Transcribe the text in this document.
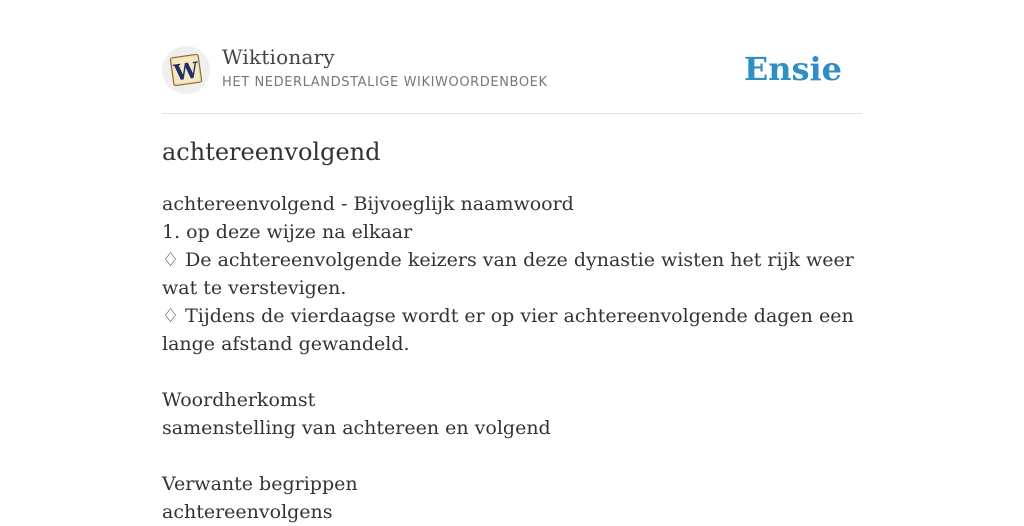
W
Wiktionary
HET NEDERLANDSTALIGE WIKIWOORDENBOEK	Ensie
achtereenvolgend
achtereenvolgend - Bijvoeglijk naamwoord
1. op deze wijze na elkaar
♢ De achtereenvolgende keizers van deze dynastie wisten het rijk weer wat te verstevigen.
♢ Tijdens de vierdaagse wordt er op vier achtereenvolgende dagen een lange afstand gewandeld.
Woordherkomst
samenstelling van achtereen en volgend
Verwante begrippen
achtereenvolgens
